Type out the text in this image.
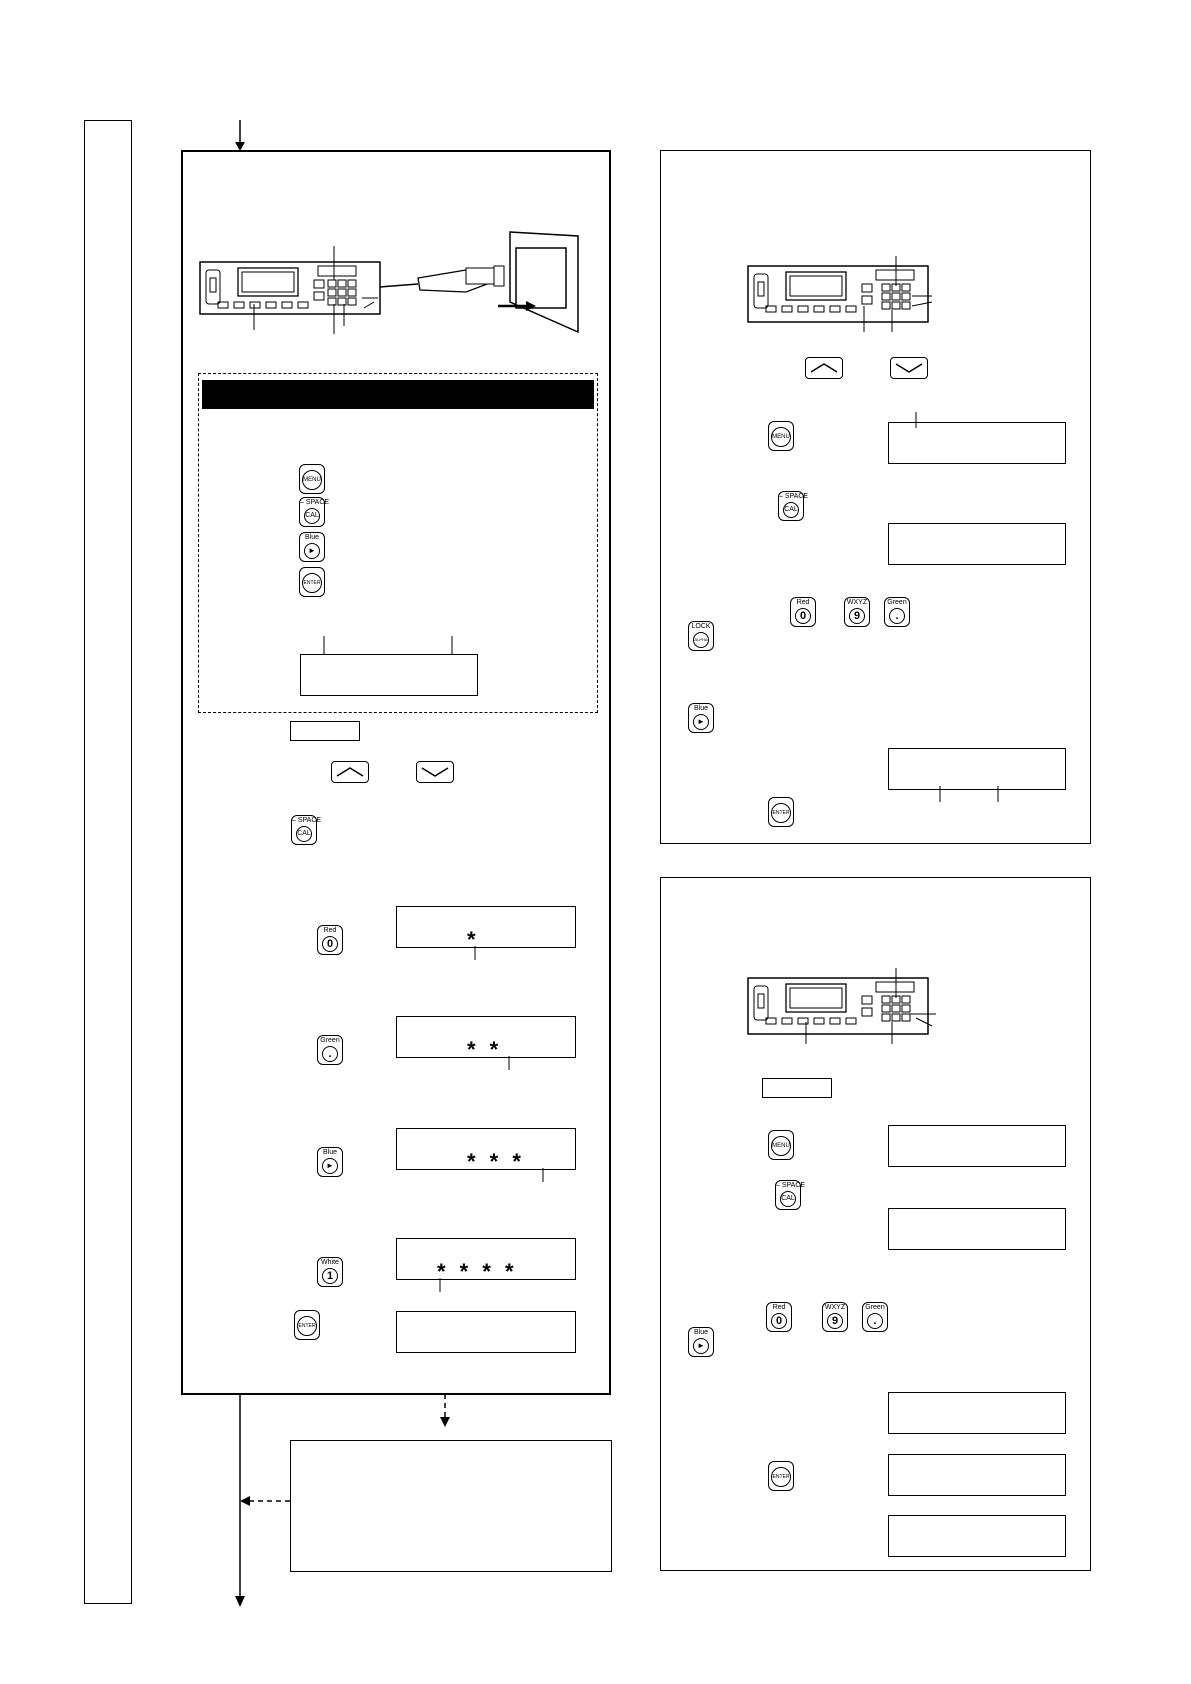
MENU
– SPACE
CAL
Blue
►
ENTER
– SPACE
CAL
Red
0	*
Green
.	* *
Blue
►	* * *
White
1	* * * *
ENTER
MENU
– SPACE
CAL
Red
0
WXYZ
9
Green
.
LOCK
ALPHA
Blue
►
ENTER
MENU
– SPACE
CAL
Red
0
WXYZ
9
Green
.
Blue
►
ENTER
